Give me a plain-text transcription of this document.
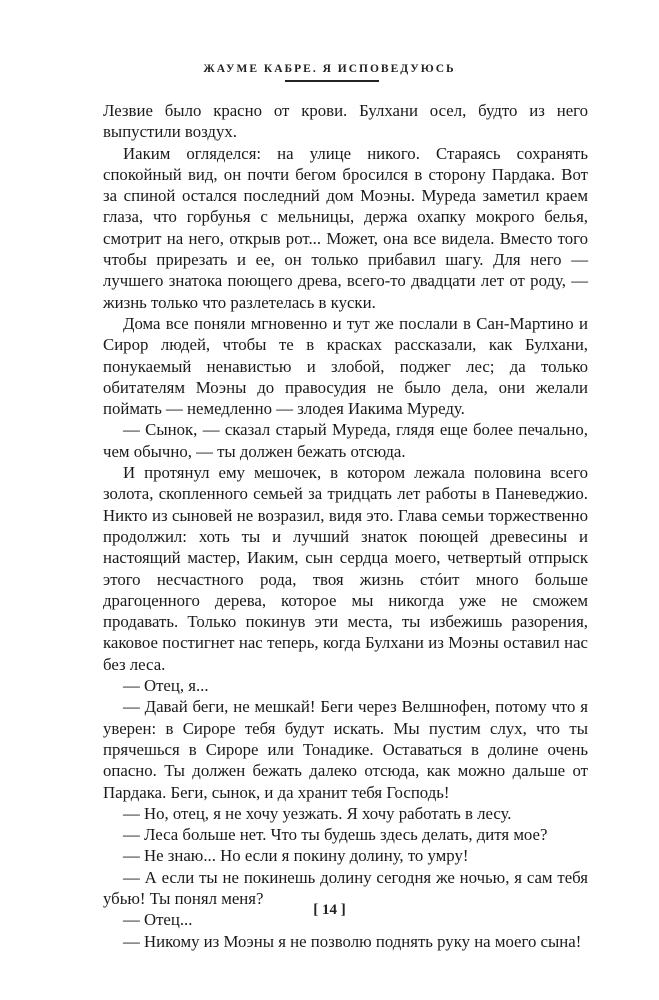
ЖАУМЕ КАБРЕ. Я ИСПОВЕДУЮСЬ

Лезвие было красно от крови. Булхани осел, будто из него выпустили воздух.

Иаким огляделся: на улице никого. Стараясь сохранять спокойный вид, он почти бегом бросился в сторону Пардака. Вот за спиной остался последний дом Моэны. Муреда заметил краем глаза, что горбунья с мельницы, держа охапку мокрого белья, смотрит на него, открыв рот... Может, она все видела. Вместо того чтобы прирезать и ее, он только прибавил шагу. Для него — лучшего знатока поющего древа, всего-то двадцати лет от роду, — жизнь только что разлетелась в куски.

Дома все поняли мгновенно и тут же послали в Сан-Мартино и Сирор людей, чтобы те в красках рассказали, как Булхани, понукаемый ненавистью и злобой, поджег лес; да только обитателям Моэны до правосудия не было дела, они желали поймать — немедленно — злодея Иакима Муреду.

— Сынок, — сказал старый Муреда, глядя еще более печально, чем обычно, — ты должен бежать отсюда.

И протянул ему мешочек, в котором лежала половина всего золота, скопленного семьей за тридцать лет работы в Паневеджио. Никто из сыновей не возразил, видя это. Глава семьи торжественно продолжил: хоть ты и лучший знаток поющей древесины и настоящий мастер, Иаким, сын сердца моего, четвертый отпрыск этого несчастного рода, твоя жизнь стóит много больше драгоценного дерева, которое мы никогда уже не сможем продавать. Только покинув эти места, ты избежишь разорения, каковое постигнет нас теперь, когда Булхани из Моэны оставил нас без леса.

— Отец, я...

— Давай беги, не мешкай! Беги через Велшнофен, потому что я уверен: в Сироре тебя будут искать. Мы пустим слух, что ты прячешься в Сироре или Тонадике. Оставаться в долине очень опасно. Ты должен бежать далеко отсюда, как можно дальше от Пардака. Беги, сынок, и да хранит тебя Господь!

— Но, отец, я не хочу уезжать. Я хочу работать в лесу.

— Леса больше нет. Что ты будешь здесь делать, дитя мое?

— Не знаю... Но если я покину долину, то умру!

— А если ты не покинешь долину сегодня же ночью, я сам тебя убью! Ты понял меня?

— Отец...

— Никому из Моэны я не позволю поднять руку на моего сына!

[ 14 ]
